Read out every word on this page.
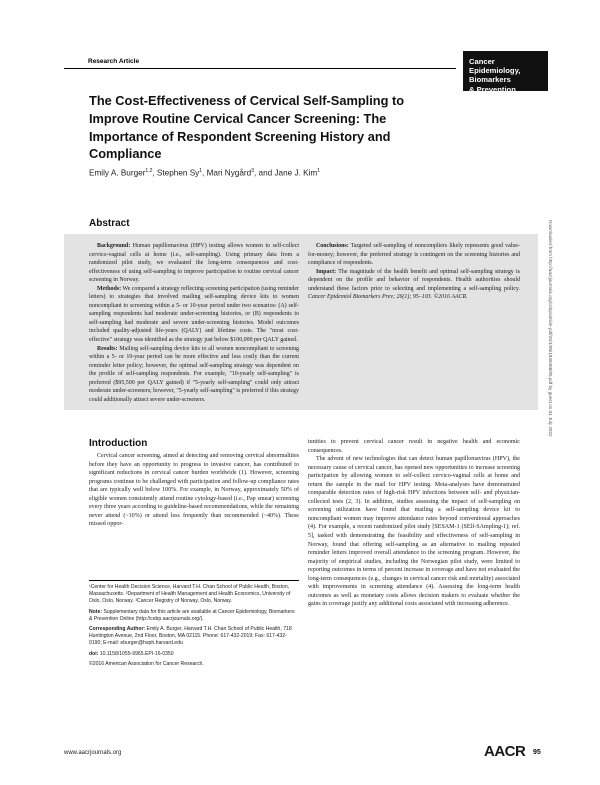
Research Article	Cancer
Epidemiology,
Biomarkers
& Prevention
The Cost-Effectiveness of Cervical Self-Sampling to Improve Routine Cervical Cancer Screening: The Importance of Respondent Screening History and Compliance
Emily A. Burger$^{1,2}$, Stephen Sy$^1$, Mari Nygård$^3$, and Jane J. Kim$^1$
Abstract

Background: Human papillomavirus (HPV) testing allows women to self-collect cervico-vaginal cells at home (i.e., self-sampling). Using primary data from a randomized pilot study, we evaluated the long-term consequences and cost-effectiveness of using self-sampling to improve participation to routine cervical cancer screening in Norway.

Methods: We compared a strategy reflecting screening participation (using reminder letters) to strategies that involved mailing self-sampling device kits to women noncompliant to screening within a 5- or 10-year period under two scenarios: (A) self-sampling respondents had moderate under-screening histories, or (B) respondents to self-sampling had moderate and severe under-screening histories. Model outcomes included quality-adjusted life-years (QALY) and lifetime costs. The "most cost-effective" strategy was identified as the strategy just below $100,000 per QALY gained.

Results: Mailing self-sampling device kits to all women noncompliant to screening within a 5- or 10-year period can be more effective and less costly than the current reminder letter policy; however, the optimal self-sampling strategy was dependent on the profile of self-sampling respondents. For example, "10-yearly self-sampling" is preferred ($95,500 per QALY gained) if "5-yearly self-sampling" could only attract moderate under-screeners; however, "5-yearly self-sampling" is preferred if this strategy could additionally attract severe under-screeners.

Conclusions: Targeted self-sampling of noncompliers likely represents good value-for-money; however, the preferred strategy is contingent on the screening histories and compliance of respondents.

Impact: The magnitude of the health benefit and optimal self-sampling strategy is dependent on the profile and behavior of respondents. Health authorities should understand these factors prior to selecting and implementing a self-sampling policy. Cancer Epidemiol Biomarkers Prev; 26(1); 95–103. ©2016 AACR.

Introduction

Cervical cancer screening, aimed at detecting and removing cervical abnormalities before they have an opportunity to progress to invasive cancer, has contributed to significant reductions in cervical cancer burden worldwide (1). However, screening programs continue to be challenged with participation and follow-up compliance rates that are typically well below 100%. For example, in Norway, approximately 50% of eligible women consistently attend routine cytology-based (i.e., Pap smear) screening every three years according to guideline-based recommendations, while the remaining never attend (~10%) or attend less frequently than recommended (~40%). These missed oppor-

tunities to prevent cervical cancer result in negative health and economic consequences.

The advent of new technologies that can detect human papillomavirus (HPV), the necessary cause of cervical cancer, has opened new opportunities to increase screening participation by allowing women to self-collect cervico-vaginal cells at home and return the sample in the mail for HPV testing. Meta-analyses have demonstrated comparable detection rates of high-risk HPV infections between self- and physician-collected tests (2, 3). In addition, studies assessing the impact of self-sampling on screening utilization have found that mailing a self-sampling device kit to noncompliant women may improve attendance rates beyond conventional approaches (4). For example, a recent randomized pilot study [SESAM-1 (SElf-SAmpling-1); ref. 5], tasked with demonstrating the feasibility and effectiveness of self-sampling in Norway, found that offering self-sampling as an alternative to mailing repeated reminder letters improved overall attendance to the screening program. However, the majority of empirical studies, including the Norwegian pilot study, were limited to reporting outcomes in terms of percent increase in coverage and have not evaluated the long-term consequences (e.g., changes in cervical cancer risk and mortality) associated with improvements in screening attendance (4). Assessing the long-term health outcomes as well as monetary costs allows decision makers to evaluate whether the gains in coverage justify any additional costs associated with increasing adherence.

¹Center for Health Decision Science, Harvard T.H. Chan School of Public Health, Boston, Massachusetts. ²Department of Health Management and Health Economics, University of Oslo, Oslo, Norway. ³Cancer Registry of Norway, Oslo, Norway.

Note: Supplementary data for this article are available at Cancer Epidemiology, Biomarkers & Prevention Online (http://cebp.aacrjournals.org/).

Corresponding Author: Emily A. Burger, Harvard T.H. Chan School of Public Health, 718 Huntington Avenue, 2nd Floor, Boston, MA 02115. Phone: 617-432-2019; Fax: 617-432-0190; E-mail: eburger@hsph.harvard.edu

doi: 10.1158/1055-9965.EPI-16-0350

©2016 American Association for Cancer Research.

www.aacrjournals.org	AACR 95
Downloaded from http://aacrjournals.org/cebp/article-pdf/26/1/95/1849406/95.pdf by guest on 01 July 2022
